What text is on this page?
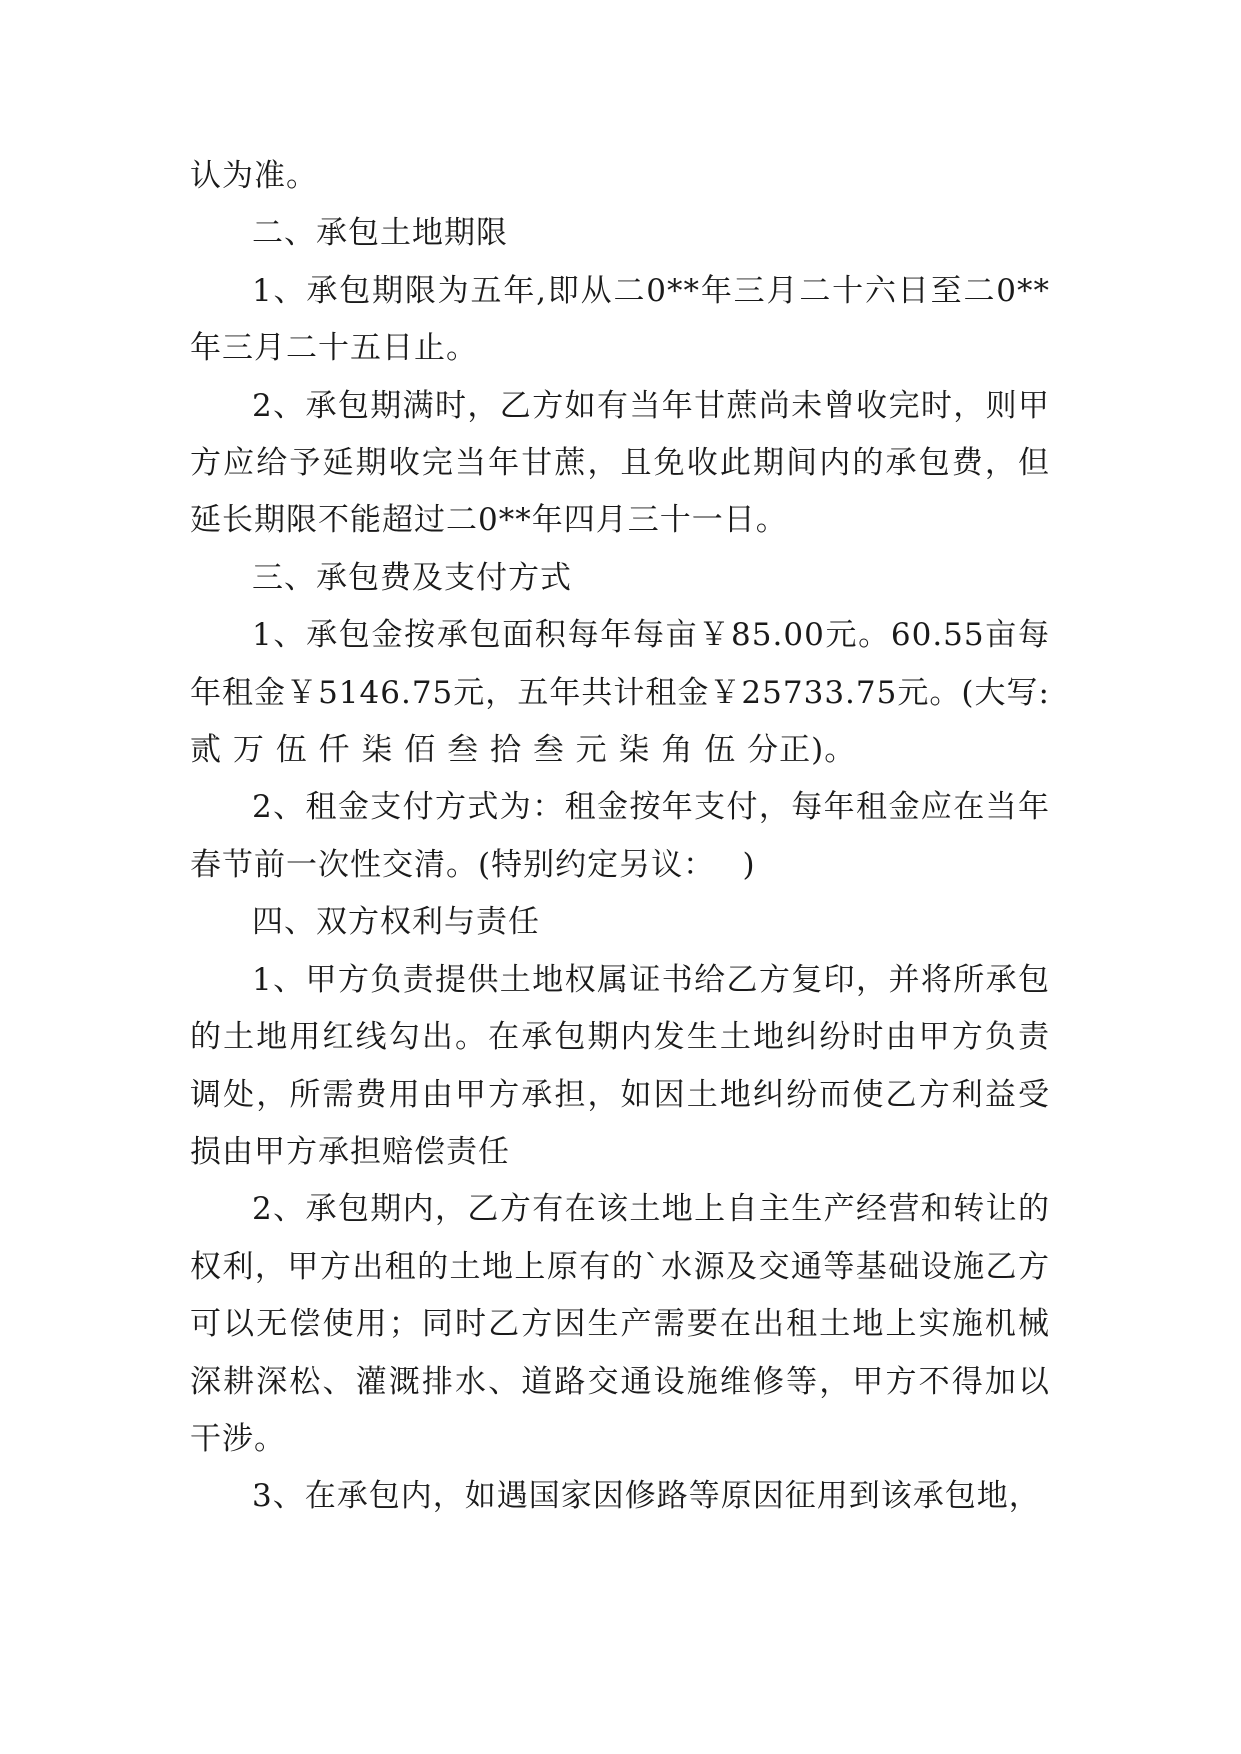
认为准。

二、承包土地期限

1、承包期限为五年,即从二0**年三月二十六日至二0**年三月二十五日止。

2、承包期满时，乙方如有当年甘蔗尚未曾收完时，则甲方应给予延期收完当年甘蔗，且免收此期间内的承包费，但延长期限不能超过二0**年四月三十一日。

三、承包费及支付方式

1、承包金按承包面积每年每亩￥85.00元。60.55亩每年租金￥5146.75元，五年共计租金￥25733.75元。(大写:贰 万 伍 仟 柒 佰 叁 拾 叁 元 柒 角 伍 分正)。

2、租金支付方式为：租金按年支付，每年租金应在当年春节前一次性交清。(特别约定另议：　 )

四、双方权利与责任

1、甲方负责提供土地权属证书给乙方复印，并将所承包的土地用红线勾出。在承包期内发生土地纠纷时由甲方负责调处，所需费用由甲方承担，如因土地纠纷而使乙方利益受损由甲方承担赔偿责任

2、承包期内，乙方有在该土地上自主生产经营和转让的权利，甲方出租的土地上原有的`水源及交通等基础设施乙方可以无偿使用；同时乙方因生产需要在出租土地上实施机械深耕深松、灌溉排水、道路交通设施维修等，甲方不得加以干涉。

3、在承包内，如遇国家因修路等原因征用到该承包地，
